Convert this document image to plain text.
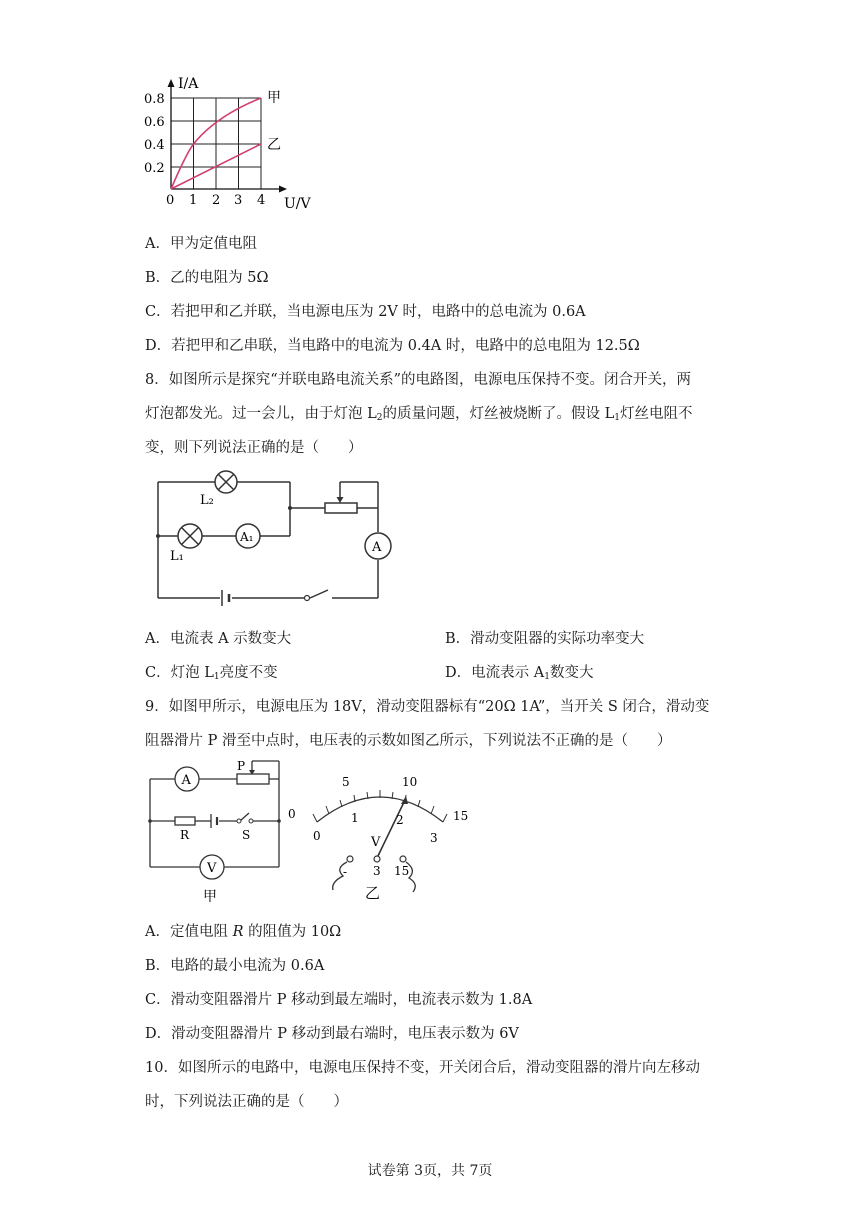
I/A
U/V
0.8
0.6
0.4
0.2
0 1 2 3 4
甲
乙
A．甲为定值电阻
B．乙的电阻为 5Ω
C．若把甲和乙并联，当电源电压为 2V 时，电路中的总电流为 0.6A
D．若把甲和乙串联，当电路中的电流为 0.4A 时，电路中的总电阻为 12.5Ω
8．如图所示是探究“并联电路电流关系”的电路图，电源电压保持不变。闭合开关，两
灯泡都发光。过一会儿，由于灯泡 $L_2$的质量问题，灯丝被烧断了。假设 $L_1$灯丝电阻不
变，则下列说法正确的是（　　）
A₁
A
L₂
L₁
A．电流表 A 示数变大	B．滑动变阻器的实际功率变大
C．灯泡 $L_1$亮度不变	D．电流表示 $A_1$数变大
9．如图甲所示，电源电压为 18V，滑动变阻器标有“20Ω 1A”，当开关 S 闭合，滑动变
阻器滑片 P 滑至中点时，电压表的示数如图乙所示，下列说法不正确的是（　　）
A
V
P
R	S
甲
0
5	10
15
0
1	2
3
V
- 3 15
乙
A．定值电阻 R 的阻值为 10Ω
B．电路的最小电流为 0.6A
C．滑动变阻器滑片 P 移动到最左端时，电流表示数为 1.8A
D．滑动变阻器滑片 P 移动到最右端时，电压表示数为 6V
10．如图所示的电路中，电源电压保持不变，开关闭合后，滑动变阻器的滑片向左移动
时，下列说法正确的是（　　）
试卷第 3页，共 7页
